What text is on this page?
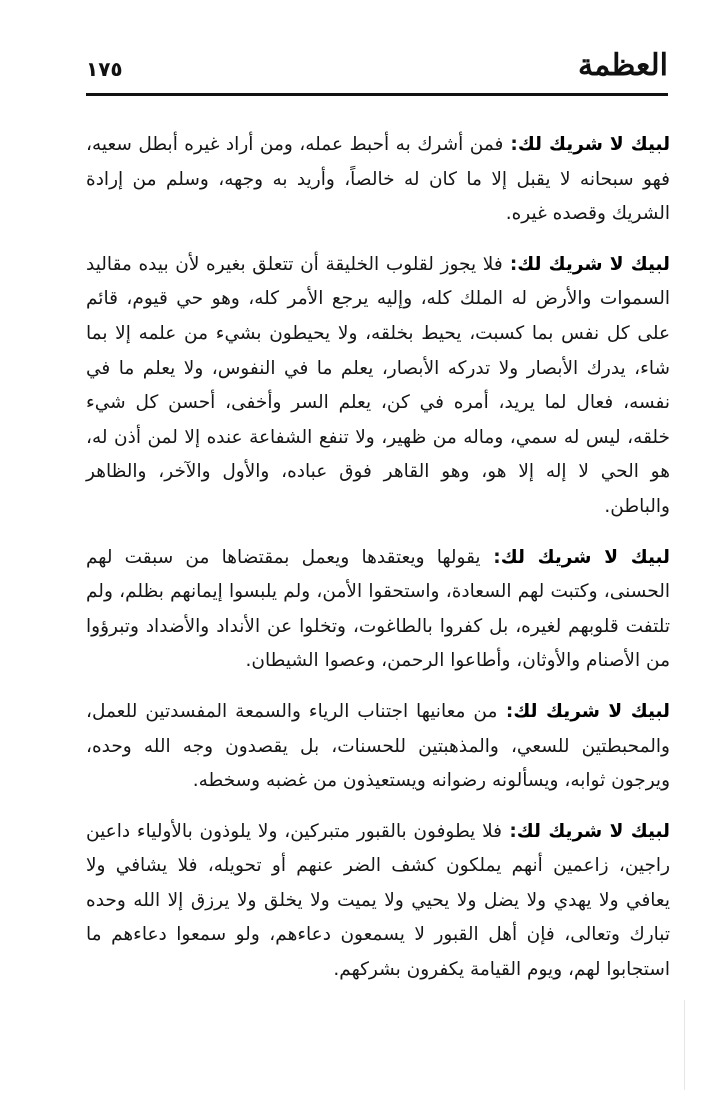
العظمة
١٧٥

لبيك لا شريك لك: فمن أشرك به أحبط عمله، ومن أراد غيره أبطل سعيه، فهو سبحانه لا يقبل إلا ما كان له خالصاً، وأريد به وجهه، وسلم من إرادة الشريك وقصده غيره.

لبيك لا شريك لك: فلا يجوز لقلوب الخليقة أن تتعلق بغيره لأن بيده مقاليد السموات والأرض له الملك كله، وإليه يرجع الأمر كله، وهو حي قيوم، قائم على كل نفس بما كسبت، يحيط بخلقه، ولا يحيطون بشيء من علمه إلا بما شاء، يدرك الأبصار ولا تدركه الأبصار، يعلم ما في النفوس، ولا يعلم ما في نفسه، فعال لما يريد، أمره في كن، يعلم السر وأخفى، أحسن كل شيء خلقه، ليس له سمي، وماله من ظهير، ولا تنفع الشفاعة عنده إلا لمن أذن له، هو الحي لا إله إلا هو، وهو القاهر فوق عباده، والأول والآخر، والظاهر والباطن.

لبيك لا شريك لك: يقولها ويعتقدها ويعمل بمقتضاها من سبقت لهم الحسنى، وكتبت لهم السعادة، واستحقوا الأمن، ولم يلبسوا إيمانهم بظلم، ولم تلتفت قلوبهم لغيره، بل كفروا بالطاغوت، وتخلوا عن الأنداد والأضداد وتبرؤوا من الأصنام والأوثان، وأطاعوا الرحمن، وعصوا الشيطان.

لبيك لا شريك لك: من معانيها اجتناب الرياء والسمعة المفسدتين للعمل، والمحبطتين للسعي، والمذهبتين للحسنات، بل يقصدون وجه الله وحده، ويرجون ثوابه، ويسألونه رضوانه ويستعيذون من غضبه وسخطه.

لبيك لا شريك لك: فلا يطوفون بالقبور متبركين، ولا يلوذون بالأولياء داعين راجين، زاعمين أنهم يملكون كشف الضر عنهم أو تحويله، فلا يشافي ولا يعافي ولا يهدي ولا يضل ولا يحيي ولا يميت ولا يخلق ولا يرزق إلا الله وحده تبارك وتعالى، فإن أهل القبور لا يسمعون دعاءهم، ولو سمعوا دعاءهم ما استجابوا لهم، ويوم القيامة يكفرون بشركهم.
